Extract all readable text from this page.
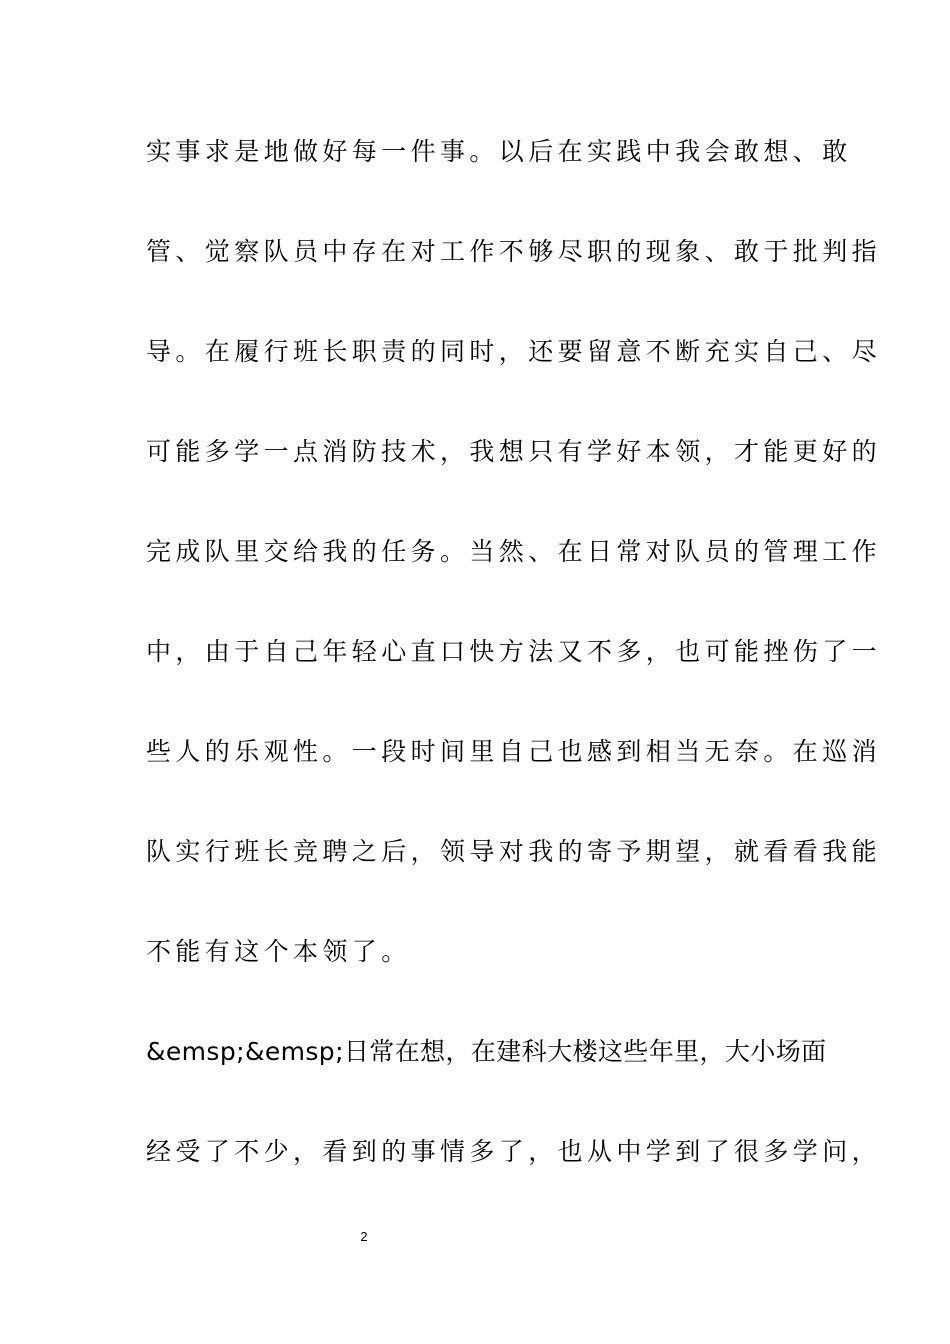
实事求是地做好每一件事。以后在实践中我会敢想、敢
管、觉察队员中存在对工作不够尽职的现象、敢于批判指
导。在履行班长职责的同时，还要留意不断充实自己、尽
可能多学一点消防技术，我想只有学好本领，才能更好的
完成队里交给我的任务。当然、在日常对队员的管理工作
中，由于自己年轻心直口快方法又不多，也可能挫伤了一
些人的乐观性。一段时间里自己也感到相当无奈。在巡消
队实行班长竞聘之后，领导对我的寄予期望，就看看我能
不能有这个本领了。
&emsp;&emsp;日常在想，在建科大楼这些年里，大小场面
经受了不少，看到的事情多了，也从中学到了很多学问，
2
